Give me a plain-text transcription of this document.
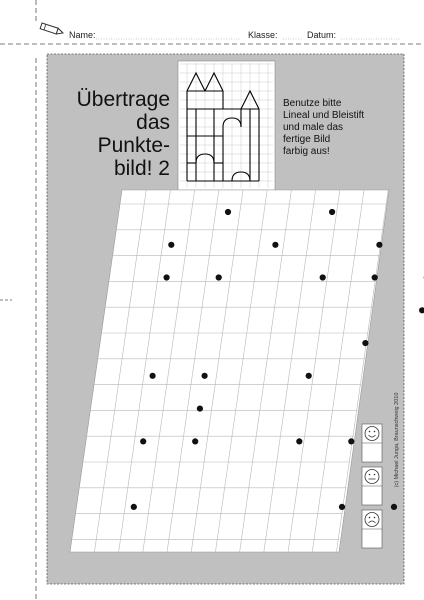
Name:	Klasse:	Datum:
Übertrage
das
Punkte-
bild! 2
Benutze bitte
Lineal und Bleistift
und male das
fertige Bild
farbig aus!
(c) Michael Junga, Braunschweig 2010
